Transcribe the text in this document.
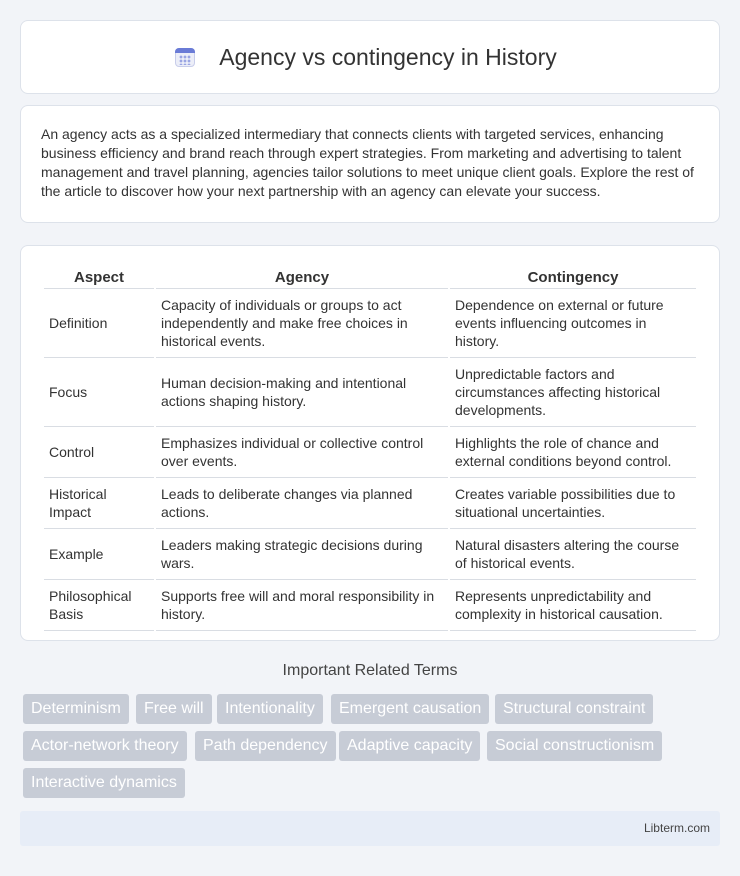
Agency vs contingency in History

An agency acts as a specialized intermediary that connects clients with targeted services, enhancing business efficiency and brand reach through expert strategies. From marketing and advertising to talent management and travel planning, agencies tailor solutions to meet unique client goals. Explore the rest of the article to discover how your next partnership with an agency can elevate your success.

Aspect	Agency	Contingency
Definition	Capacity of individuals or groups to act independently and make free choices in historical events.	Dependence on external or future events influencing outcomes in history.
Focus	Human decision-making and intentional actions shaping history.	Unpredictable factors and circumstances affecting historical developments.
Control	Emphasizes individual or collective control over events.	Highlights the role of chance and external conditions beyond control.
Historical Impact	Leads to deliberate changes via planned actions.	Creates variable possibilities due to situational uncertainties.
Example	Leaders making strategic decisions during wars.	Natural disasters altering the course of historical events.
Philosophical Basis	Supports free will and moral responsibility in history.	Represents unpredictability and complexity in historical causation.
Important Related Terms
Determinism	Free will	Intentionality	Emergent causation	Structural constraint
Actor-network theory	Path dependency	Adaptive capacity	Social constructionism
Interactive dynamics
Libterm.com
